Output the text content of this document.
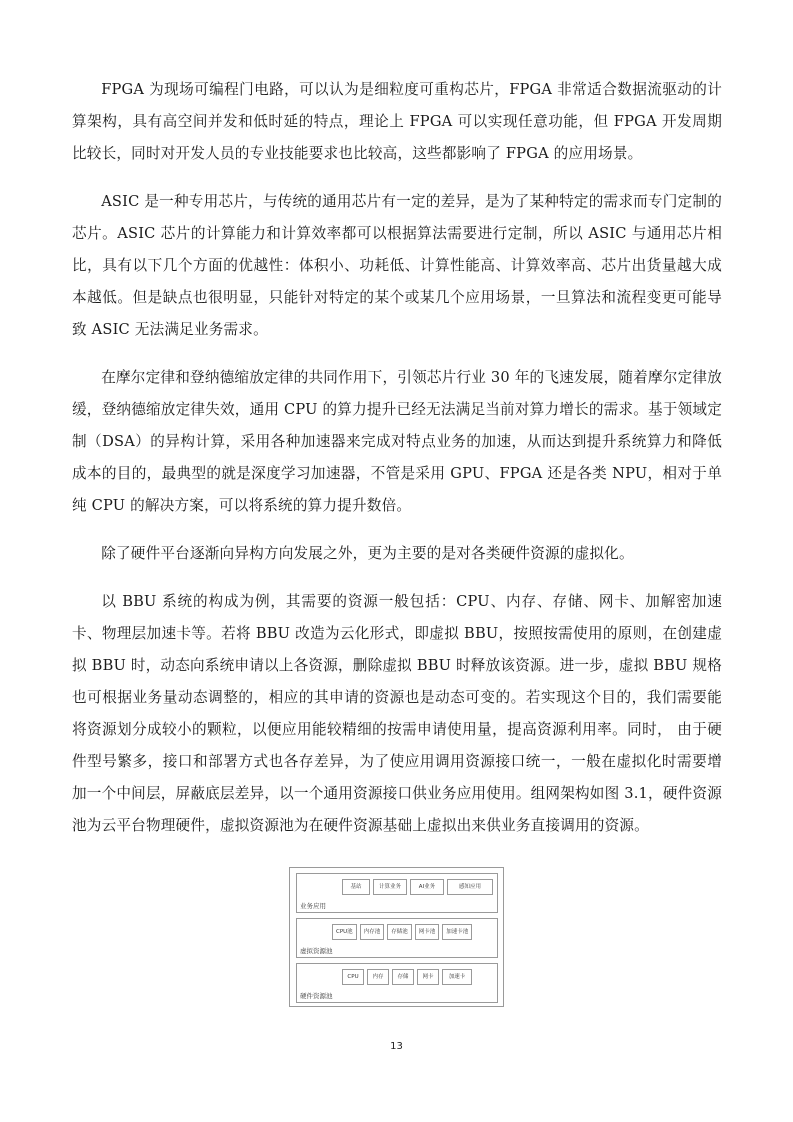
FPGA 为现场可编程门电路，可以认为是细粒度可重构芯片，FPGA 非常适合数据流驱动的计算架构，具有高空间并发和低时延的特点，理论上 FPGA 可以实现任意功能，但 FPGA 开发周期比较长，同时对开发人员的专业技能要求也比较高，这些都影响了 FPGA 的应用场景。

ASIC 是一种专用芯片，与传统的通用芯片有一定的差异，是为了某种特定的需求而专门定制的芯片。ASIC 芯片的计算能力和计算效率都可以根据算法需要进行定制，所以 ASIC 与通用芯片相比，具有以下几个方面的优越性：体积小、功耗低、计算性能高、计算效率高、芯片出货量越大成本越低。但是缺点也很明显，只能针对特定的某个或某几个应用场景，一旦算法和流程变更可能导致 ASIC 无法满足业务需求。

在摩尔定律和登纳德缩放定律的共同作用下，引领芯片行业 30 年的飞速发展，随着摩尔定律放缓，登纳德缩放定律失效，通用 CPU 的算力提升已经无法满足当前对算力增长的需求。基于领域定制（DSA）的异构计算，采用各种加速器来完成对特点业务的加速，从而达到提升系统算力和降低成本的目的，最典型的就是深度学习加速器，不管是采用 GPU、FPGA 还是各类 NPU，相对于单纯 CPU 的解决方案，可以将系统的算力提升数倍。

除了硬件平台逐渐向异构方向发展之外，更为主要的是对各类硬件资源的虚拟化。

以 BBU 系统的构成为例，其需要的资源一般包括：CPU、内存、存储、网卡、加解密加速卡、物理层加速卡等。若将 BBU 改造为云化形式，即虚拟 BBU，按照按需使用的原则，在创建虚拟 BBU 时，动态向系统申请以上各资源，删除虚拟 BBU 时释放该资源。进一步，虚拟 BBU 规格也可根据业务量动态调整的，相应的其申请的资源也是动态可变的。若实现这个目的，我们需要能将资源划分成较小的颗粒，以便应用能较精细的按需申请使用量，提高资源利用率。同时， 由于硬件型号繁多，接口和部署方式也各存差异，为了使应用调用资源接口统一，一般在虚拟化时需要增加一个中间层，屏蔽底层差异，以一个通用资源接口供业务应用使用。组网架构如图 3.1，硬件资源池为云平台物理硬件，虚拟资源池为在硬件资源基础上虚拟出来供业务直接调用的资源。

基站	计算业务	AI业务	感知应用
业务应用
CPU池	内存池	存储池	网卡池	加速卡池
虚拟资源池
CPU	内存	存储	网卡	加速卡
硬件资源池
13
